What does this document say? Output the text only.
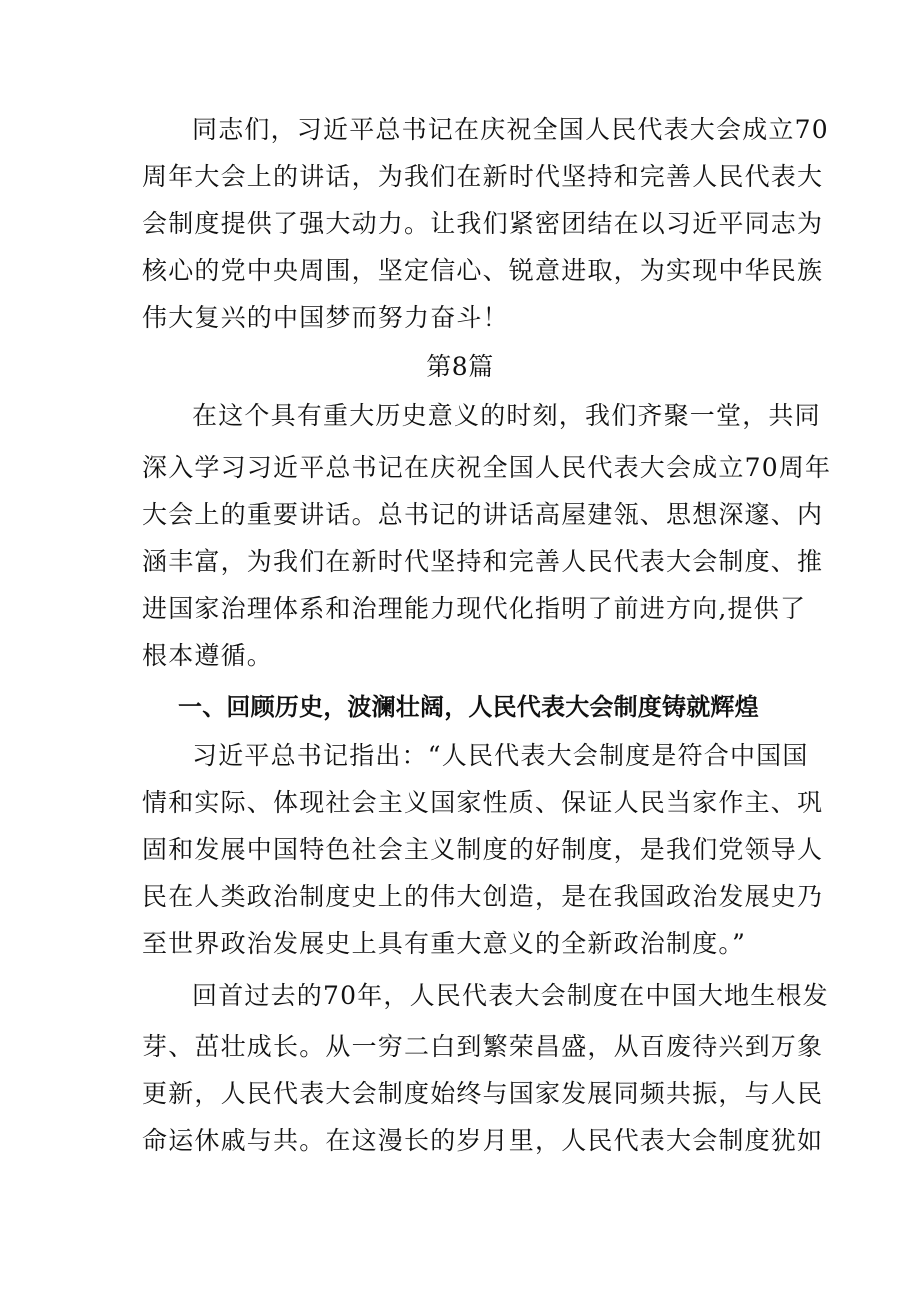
同志们，习近平总书记在庆祝全国人民代表大会成立70
周年大会上的讲话，为我们在新时代坚持和完善人民代表大
会制度提供了强大动力。让我们紧密团结在以习近平同志为
核心的党中央周围，坚定信心、锐意进取，为实现中华民族
伟大复兴的中国梦而努力奋斗！
第8篇
在这个具有重大历史意义的时刻，我们齐聚一堂，共同
深入学习习近平总书记在庆祝全国人民代表大会成立70周年
大会上的重要讲话。总书记的讲话高屋建瓴、思想深邃、内
涵丰富，为我们在新时代坚持和完善人民代表大会制度、推
进国家治理体系和治理能力现代化指明了前进方向,提供了
根本遵循。
一、回顾历史，波澜壮阔，人民代表大会制度铸就辉煌
习近平总书记指出：“人民代表大会制度是符合中国国
情和实际、体现社会主义国家性质、保证人民当家作主、巩
固和发展中国特色社会主义制度的好制度，是我们党领导人
民在人类政治制度史上的伟大创造，是在我国政治发展史乃
至世界政治发展史上具有重大意义的全新政治制度。”
回首过去的70年，人民代表大会制度在中国大地生根发
芽、茁壮成长。从一穷二白到繁荣昌盛，从百废待兴到万象
更新，人民代表大会制度始终与国家发展同频共振，与人民
命运休戚与共。在这漫长的岁月里，人民代表大会制度犹如
